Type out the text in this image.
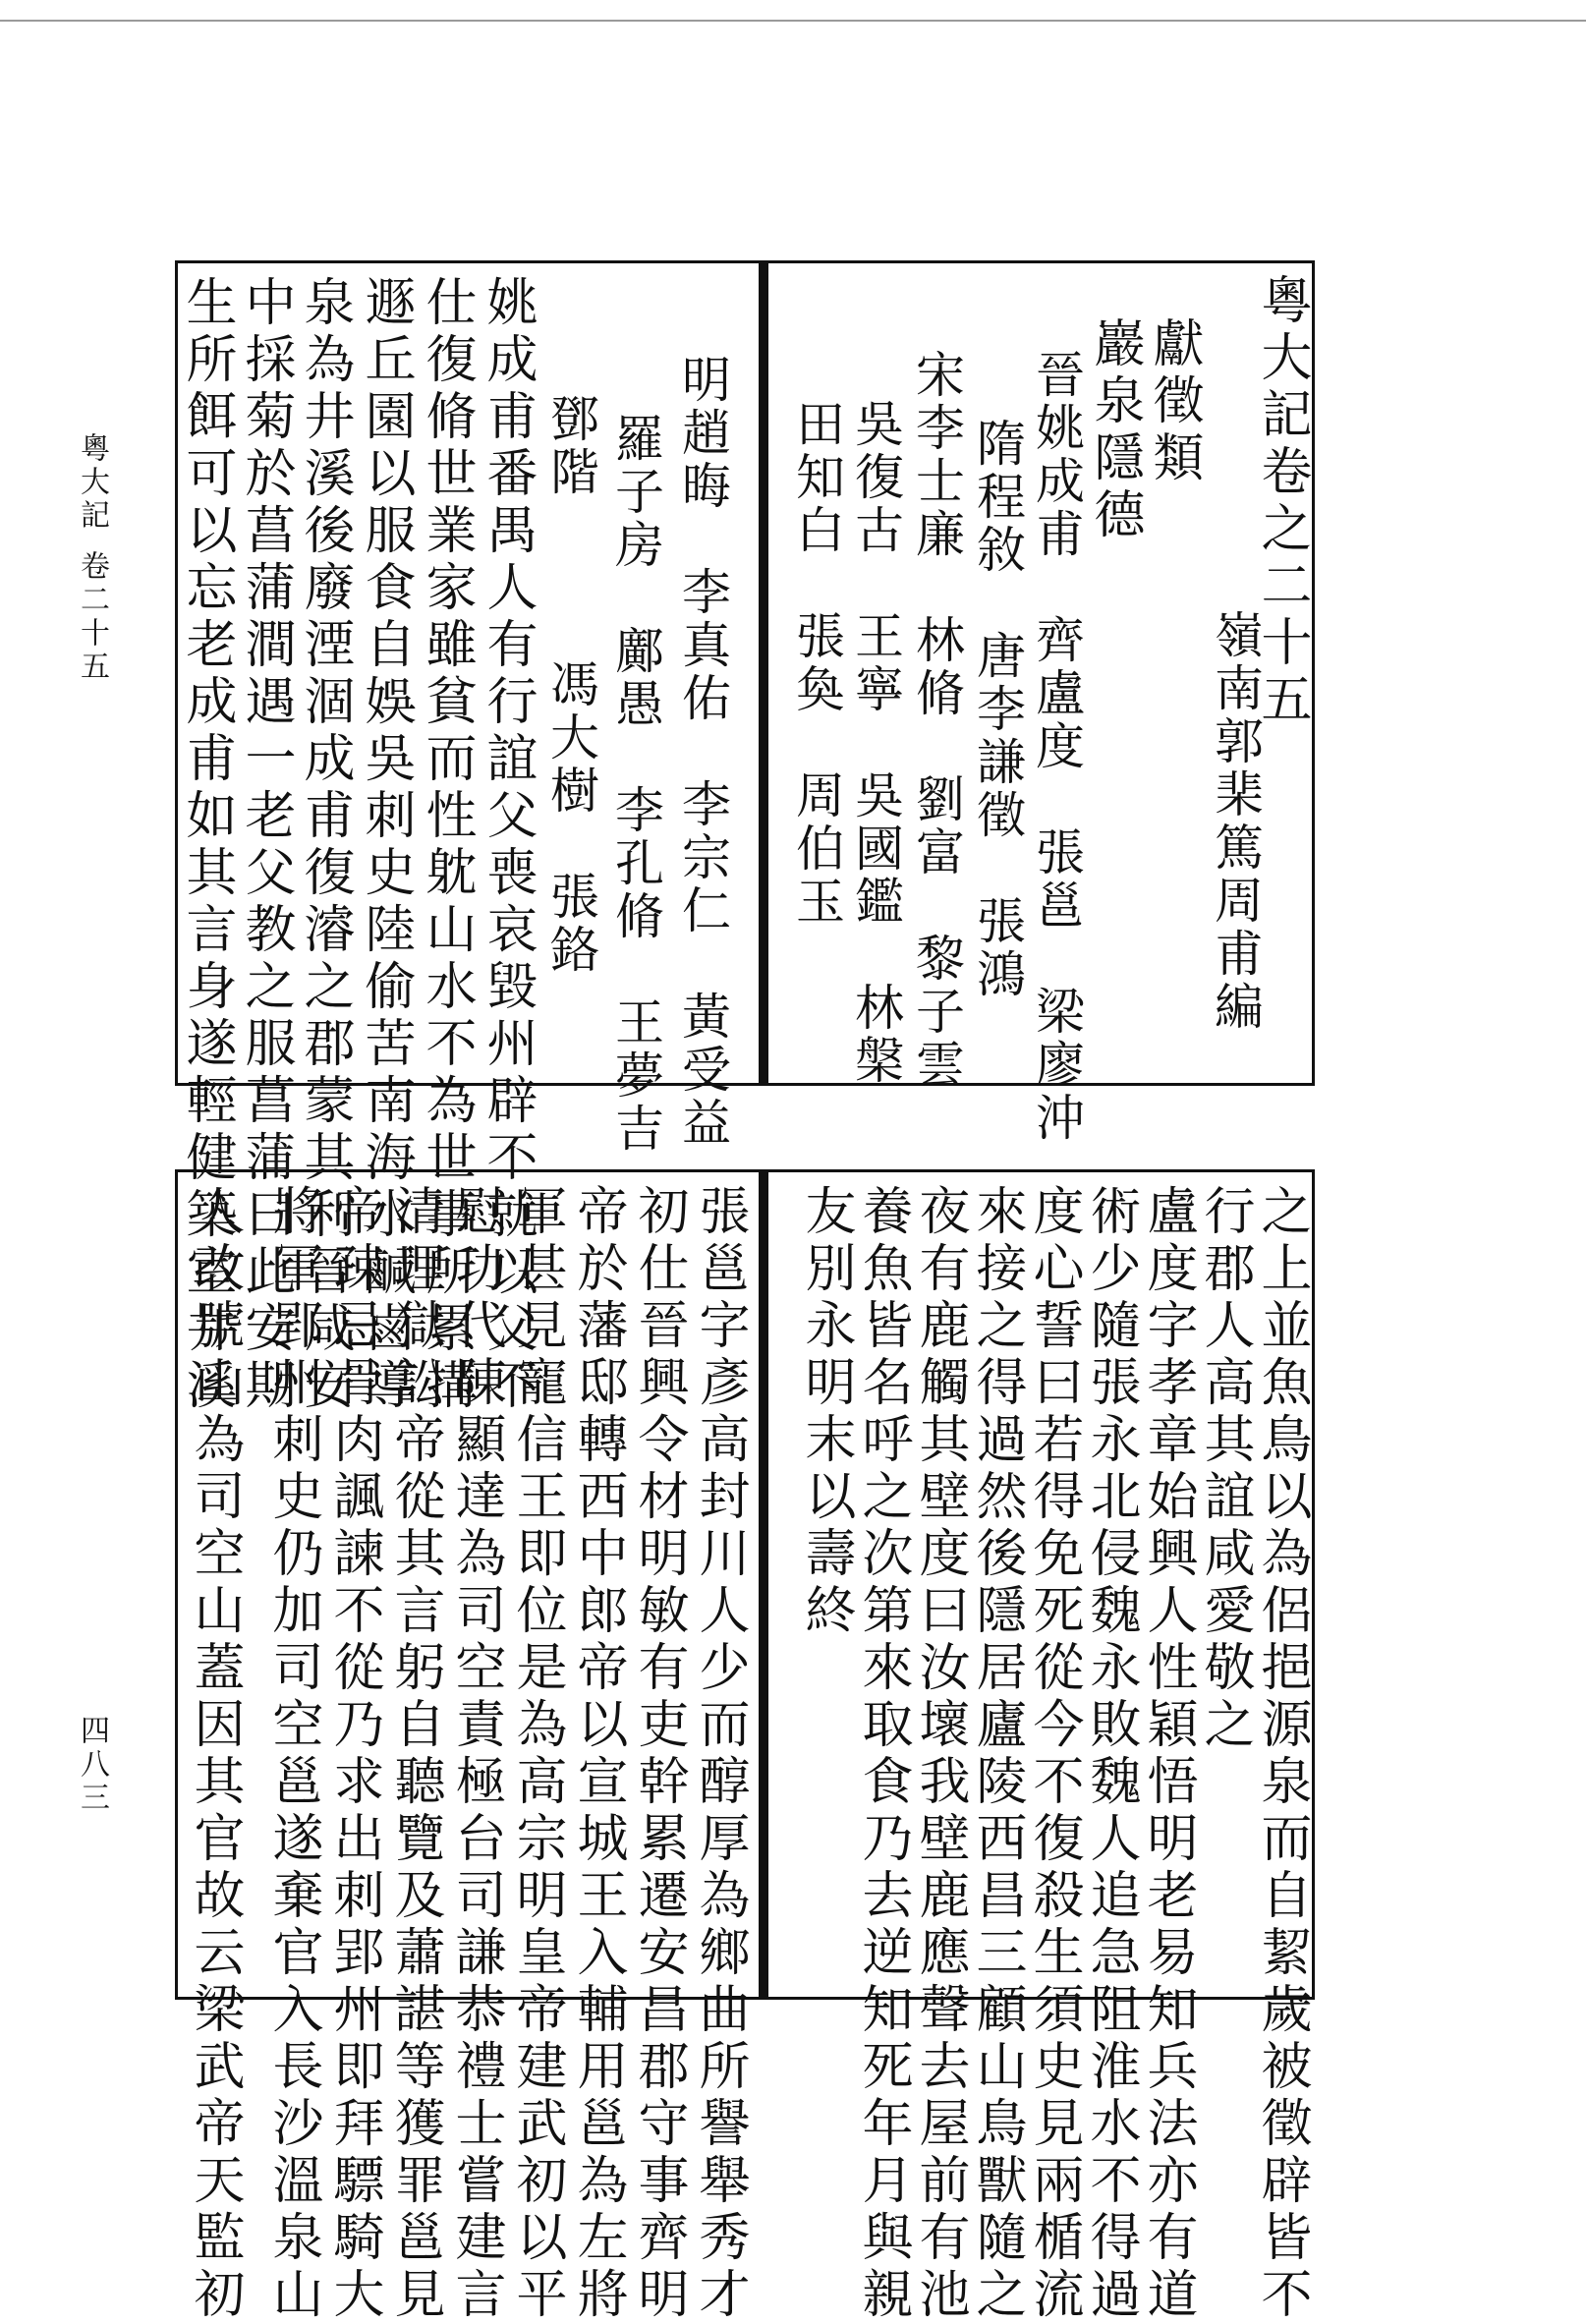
粵大記
卷二十五
四八三
粵大記卷之二十五
嶺南郭棐篤周甫編
獻徵類
巖泉隱德
晉姚成甫　齊盧度　張邕　梁廖沖
隋程敘　唐李謙徵　張鴻
宋李士廉　林脩　劉富　黎子雲
吳復古　王寧　吳國鑑　林槃
田知白　張奐　周伯玉
明趙晦　李真佑　李宗仁　黃受益
羅子房　鄺愚　李孔脩　王夢吉
鄧階　　　馮大樹　張鉻
姚成甫番禺人有行誼父喪哀毀州辟不就以父不
仕復脩世業家雖貧而性躭山水不為世事所累搆
遯丘園以服食自娛吳刺史陸偷苦南海水鹹鹵導
泉為井溪後廢湮涸成甫復濬之郡蒙其利晉咸安
中採菊於菖蒲澗遇一老父教之服菖蒲曰此安期
生所餌可以忘老成甫如其言身遂輕健築室井溪
之上並魚鳥以為侶挹源泉而自絜歲被徵辟皆不
行郡人高其誼咸愛敬之
盧度字孝章始興人性穎悟明老易知兵法亦有道
術少隨張永北侵魏永敗魏人追急阻淮水不得過
度心誓曰若得免死從今不復殺生須史見兩楯流
來接之得過然後隱居廬陵西昌三顧山鳥獸隨之
夜有鹿觸其壁度曰汝壞我壁鹿應聲去屋前有池
養魚皆名呼之次第來取食乃去逆知死年月與親
友別永明末以壽終
張邕字彥高封川人少而醇厚為鄉曲所譽舉秀才
初仕晉興令材明敏有吏幹累遷安昌郡守事齊明
帝於藩邸轉西中郎帝以宣城王入輔用邕為左將
軍甚見寵信王即位是為高宗明皇帝建武初以平
慰功代陳顯達為司空責極台司謙恭禮士嘗建言
清理獄訟帝從其言躬自聽覽及蕭諶等獲罪邕見
帝疎忌骨肉諷諫不從乃求出刺郢州即拜驃騎大
將軍郢州刺史仍加司空邕遂棄官入長沙溫泉山
人改號山為司空山蓋因其官故云梁武帝天監初
